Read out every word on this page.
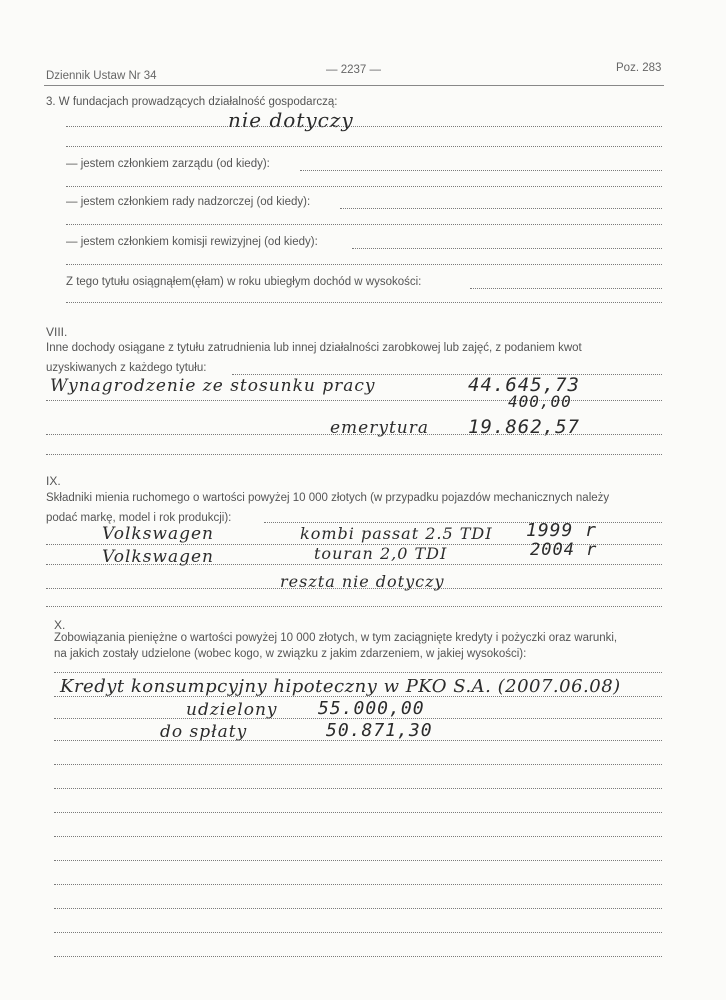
Dziennik Ustaw Nr 34	— 2237 —	Poz. 283
3. W fundacjach prowadzących działalność gospodarczą:
nie dotyczy
— jestem członkiem zarządu (od kiedy):
— jestem członkiem rady nadzorczej (od kiedy):
— jestem członkiem komisji rewizyjnej (od kiedy):
Z tego tytułu osiągnąłem(ęłam) w roku ubiegłym dochód w wysokości:
VIII.
Inne dochody osiągane z tytułu zatrudnienia lub innej działalności zarobkowej lub zajęć, z podaniem kwot
uzyskiwanych z każdego tytułu:
Wynagrodzenie ze stosunku pracy	44.645,73
400,00
emerytura 19.862,57
IX.
Składniki mienia ruchomego o wartości powyżej 10 000 złotych (w przypadku pojazdów mechanicznych należy
podać markę, model i rok produkcji):
Volkswagen	kombi passat 2.5 TDI 1999 r
Volkswagen	touran 2,0 TDI	2004 r
reszta nie dotyczy
X.
Zobowiązania pieniężne o wartości powyżej 10 000 złotych, w tym zaciągnięte kredyty i pożyczki oraz warunki,
na jakich zostały udzielone (wobec kogo, w związku z jakim zdarzeniem, w jakiej wysokości):
Kredyt konsumpcyjny hipoteczny w PKO S.A. (2007.06.08)
udzielony 55.000,00
do spłaty	50.871,30
